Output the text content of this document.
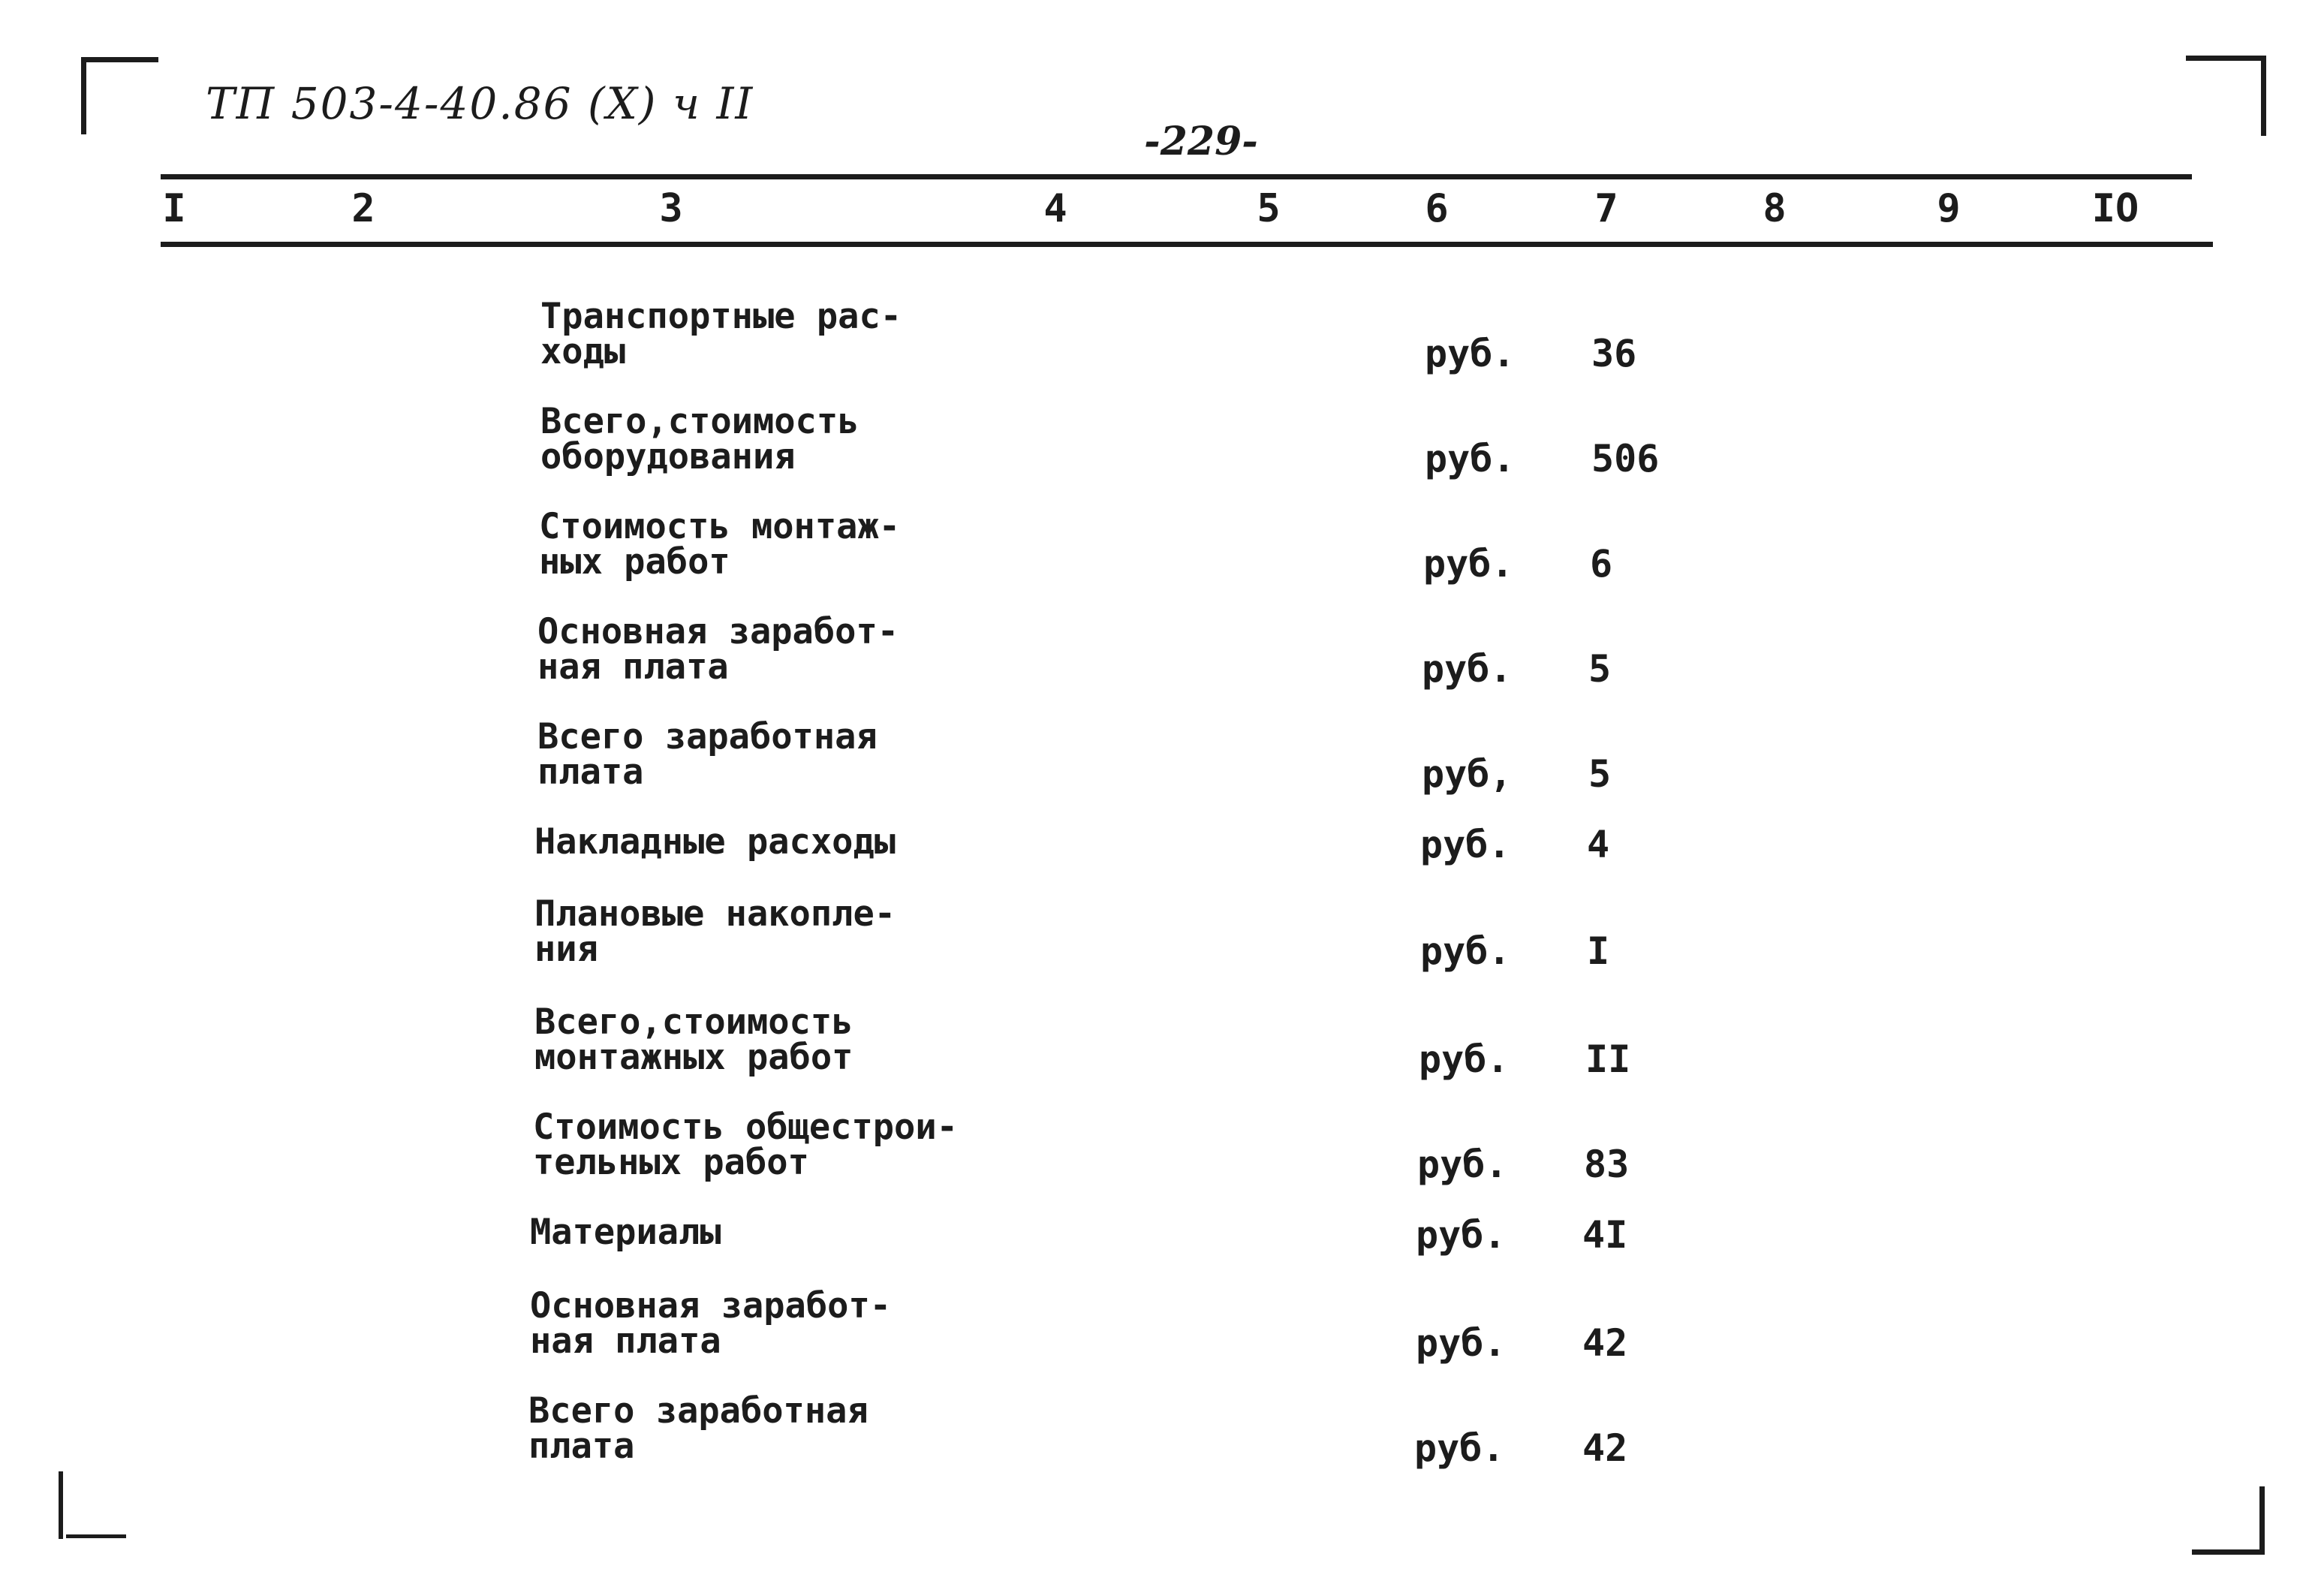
ТП 503-4-40.86 (Х) ч II
-229-
I	2	3	4	5	6	7	8	9	IO
Транспортные рас-
ходы	руб. 36
Всего,стоимость
оборудования	руб. 506
Стоимость монтаж-
ных работ	руб. 6
Основная заработ-
ная плата	руб. 5
Всего заработная
плата	руб, 5
Накладные расходы	руб. 4
Плановые накопле-
ния	руб. I
Всего,стоимость
монтажных работ	руб. II
Стоимость общестрои-
тельных работ	руб. 83
Материалы	руб. 4I
Основная заработ-
ная плата	руб. 42
Всего заработная
плата	руб. 42
